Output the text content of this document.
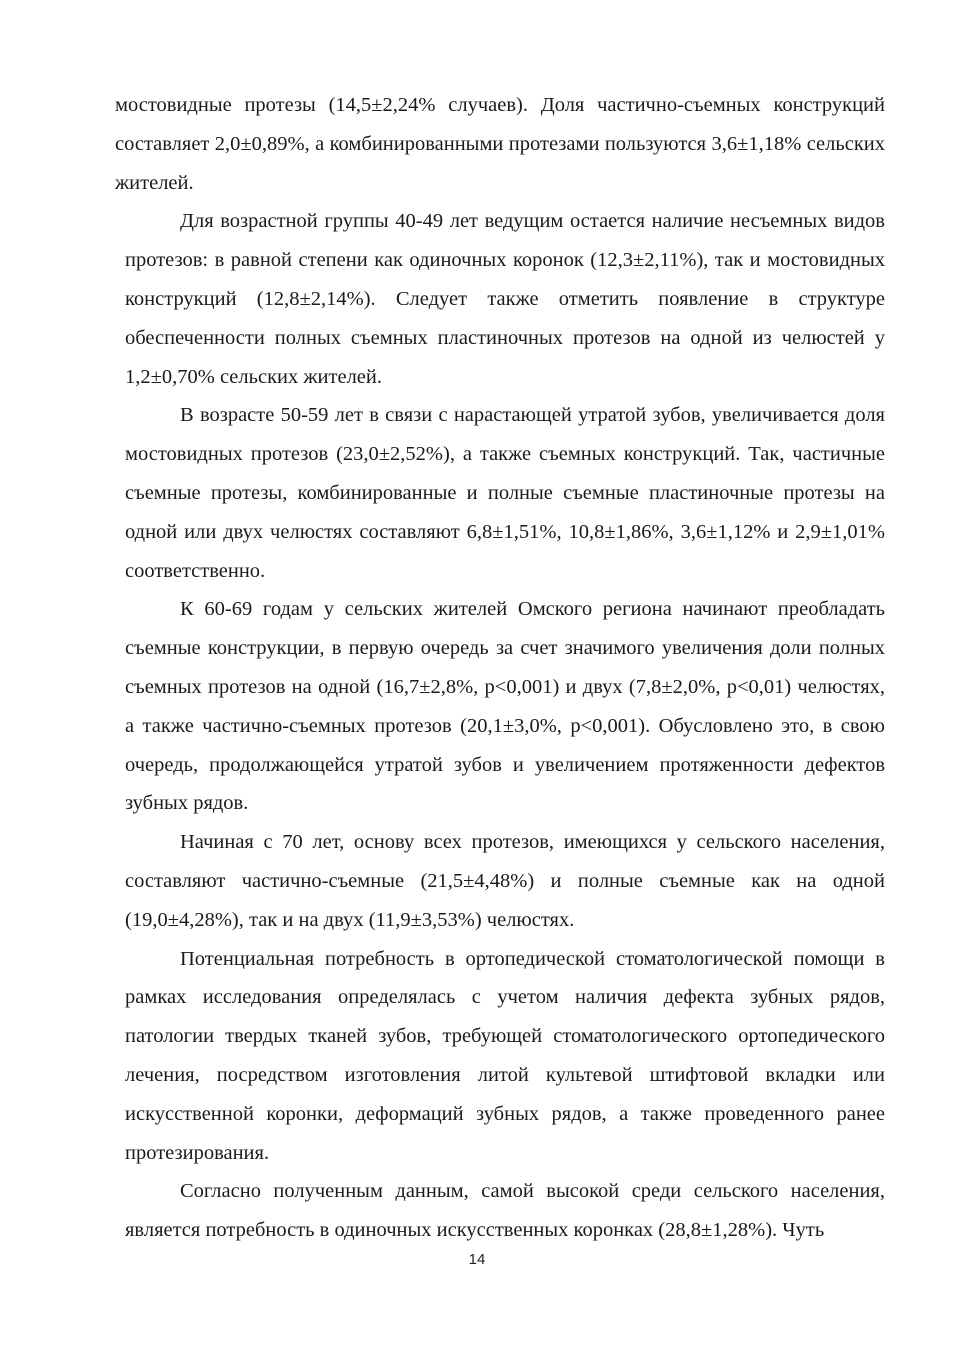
мостовидные протезы (14,5±2,24% случаев). Доля частично-съемных конструкций составляет 2,0±0,89%, а комбинированными протезами пользуются 3,6±1,18% сельских жителей.

Для возрастной группы 40-49 лет ведущим остается наличие несъемных видов протезов: в равной степени как одиночных коронок (12,3±2,11%), так и мостовидных конструкций (12,8±2,14%). Следует также отметить появление в структуре обеспеченности полных съемных пластиночных протезов на одной из челюстей у 1,2±0,70% сельских жителей.

В возрасте 50-59 лет в связи с нарастающей утратой зубов, увеличивается доля мостовидных протезов (23,0±2,52%), а также съемных конструкций. Так, частичные съемные протезы, комбинированные и полные съемные пластиночные протезы на одной или двух челюстях составляют 6,8±1,51%, 10,8±1,86%, 3,6±1,12% и 2,9±1,01% соответственно.

К 60-69 годам у сельских жителей Омского региона начинают преобладать съемные конструкции, в первую очередь за счет значимого увеличения доли полных съемных протезов на одной (16,7±2,8%, p<0,001) и двух (7,8±2,0%, p<0,01) челюстях, а также частично-съемных протезов (20,1±3,0%, p<0,001). Обусловлено это, в свою очередь, продолжающейся утратой зубов и увеличением протяженности дефектов зубных рядов.

Начиная с 70 лет, основу всех протезов, имеющихся у сельского населения, составляют частично-съемные (21,5±4,48%) и полные съемные как на одной (19,0±4,28%), так и на двух (11,9±3,53%) челюстях.

Потенциальная потребность в ортопедической стоматологической помощи в рамках исследования определялась с учетом наличия дефекта зубных рядов, патологии твердых тканей зубов, требующей стоматологического ортопедического лечения, посредством изготовления литой культевой штифтовой вкладки или искусственной коронки, деформаций зубных рядов, а также проведенного ранее протезирования.

Согласно полученным данным, самой высокой среди сельского населения, является потребность в одиночных искусственных коронках (28,8±1,28%). Чуть

14
